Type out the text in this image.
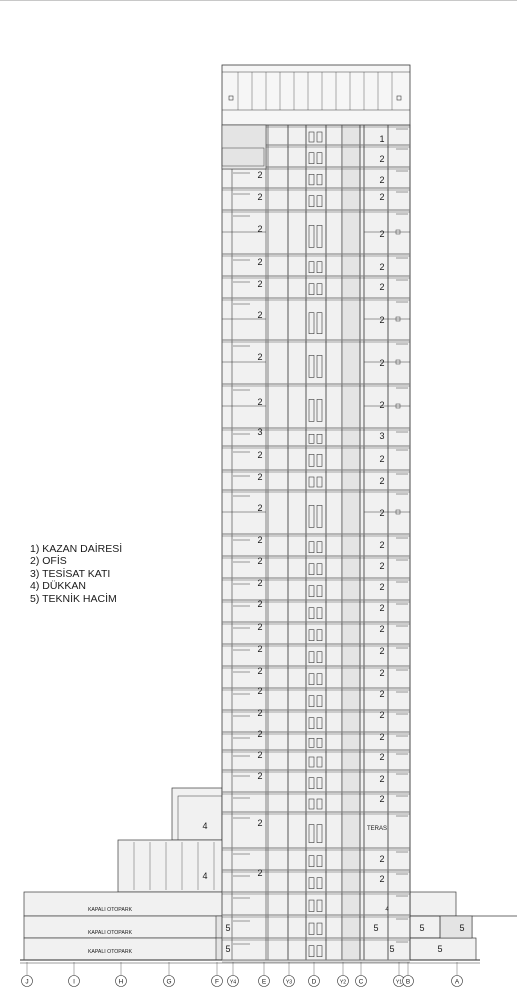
J	I	H	G	F Y4	E	Y3	D	Y2 C	Y1 B	A
2
2
2
2
2
2
2
2
3
2
2
2
2
2
2
2
2
2
2
2
2
2
2
2
2
2
1
2
2
2
2
2
2
2
2
2
3
2
2
2
2
2
2
2
2
2
2
2
2
2
2
2
2
TERAS
2
2
4
4
4
KAPALI OTOPARK
KAPALI OTOPARK
KAPALI OTOPARK
5
5
5	5	5
5	5
1) KAZAN DAİRESİ
2) OFİS
3) TESİSAT KATI
4) DÜKKAN
5) TEKNİK HACİM
